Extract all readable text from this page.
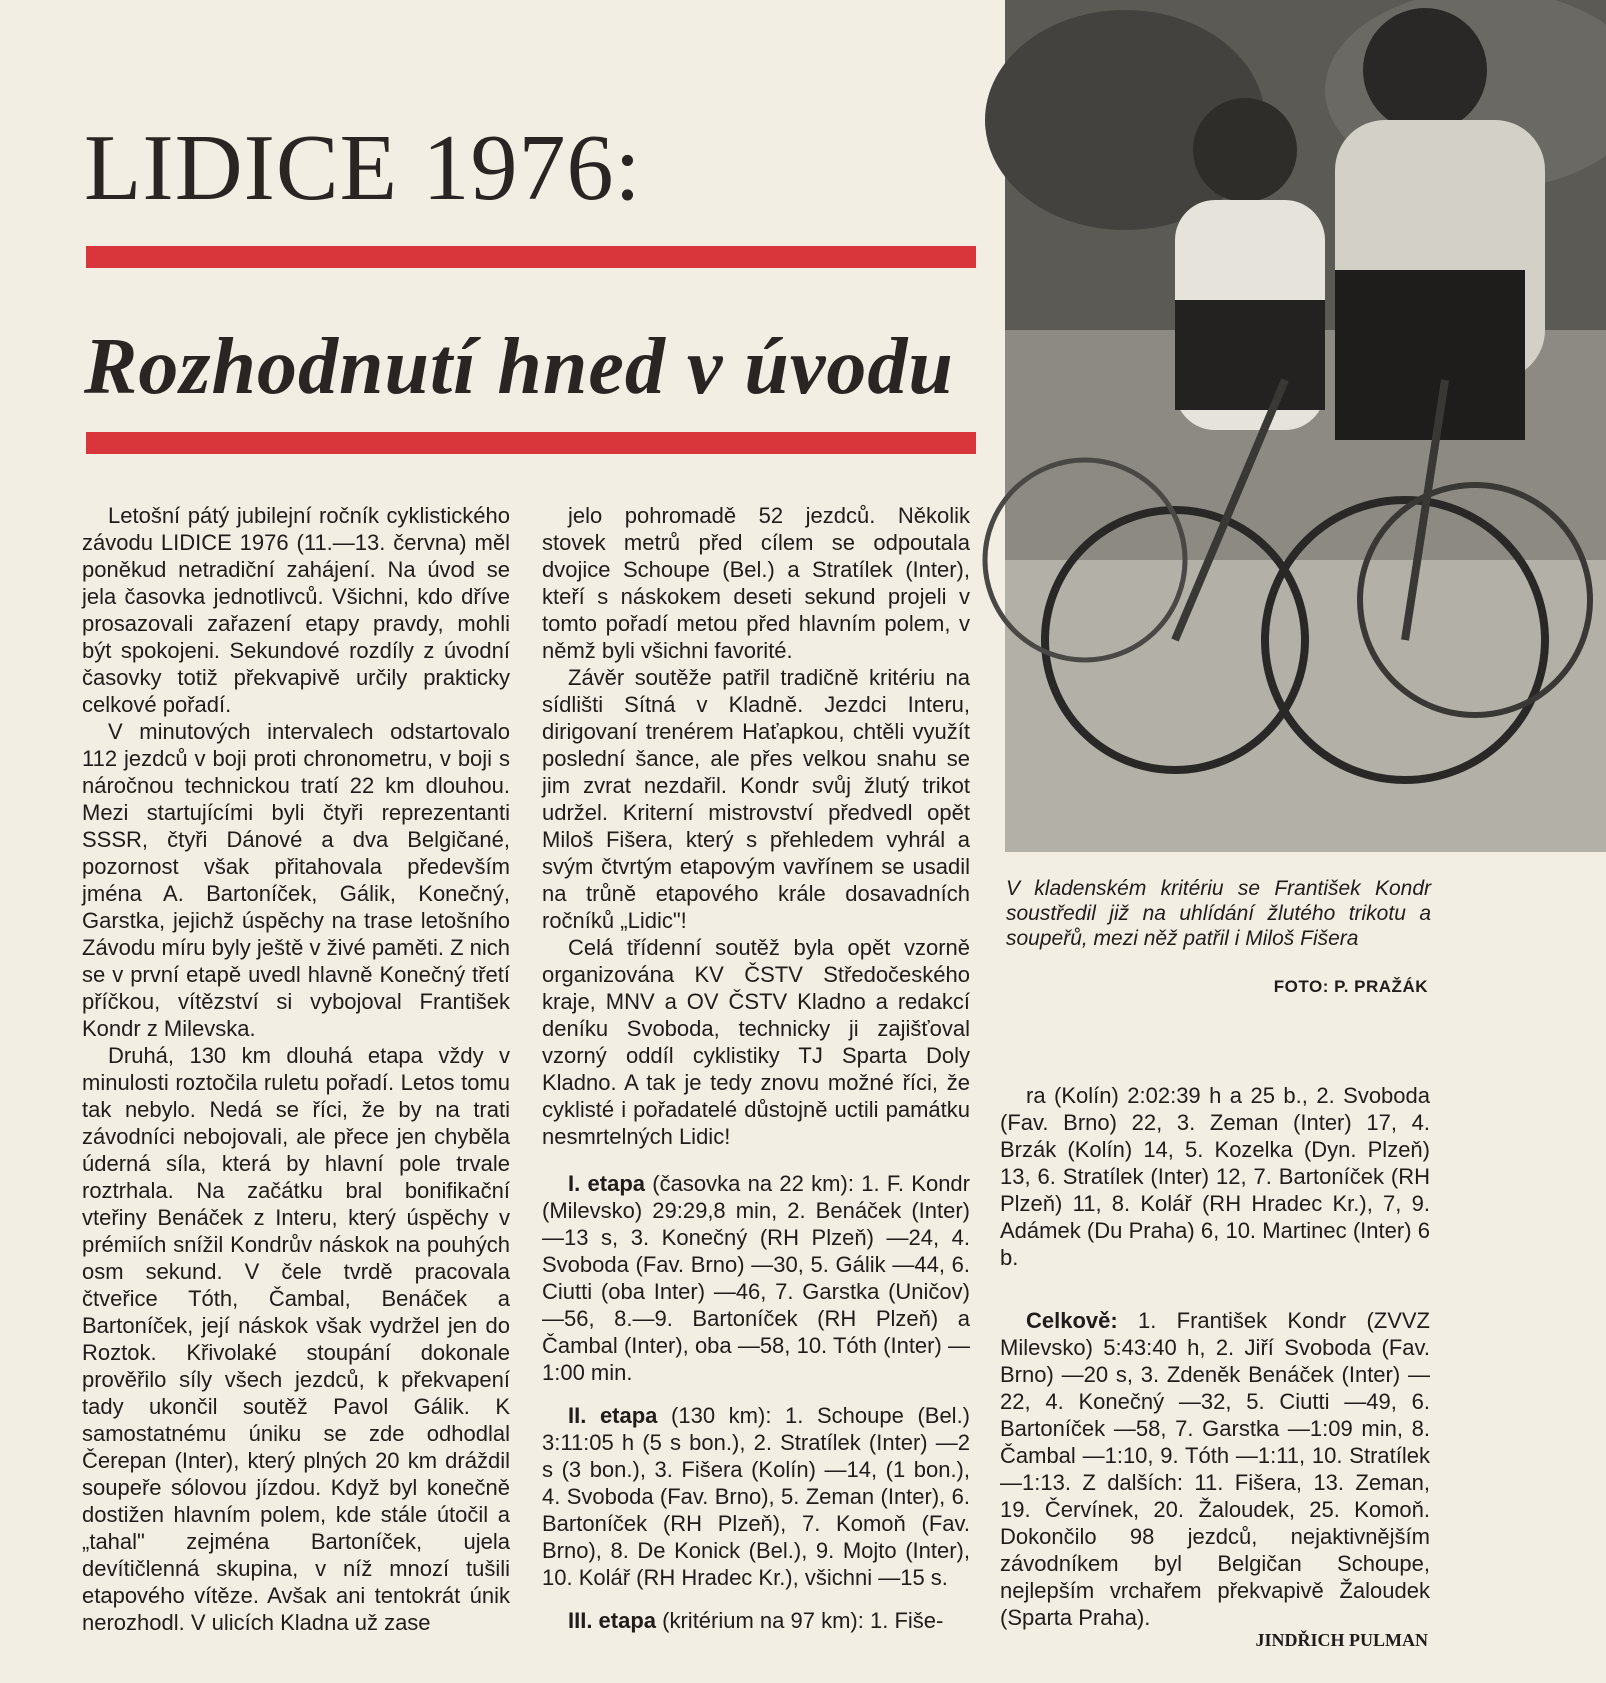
LIDICE 1976:
Rozhodnutí hned v úvodu

Letošní pátý jubilejní ročník cyklistického závodu LIDICE 1976 (11.—13. června) měl poněkud netradiční zahájení. Na úvod se jela časovka jednotlivců. Všichni, kdo dříve prosazovali zařazení etapy pravdy, mohli být spokojeni. Sekundové rozdíly z úvodní časovky totiž překvapivě určily prakticky celkové pořadí.

V minutových intervalech odstartovalo 112 jezdců v boji proti chronometru, v boji s náročnou technickou tratí 22 km dlouhou. Mezi startujícími byli čtyři reprezentanti SSSR, čtyři Dánové a dva Belgičané, pozornost však přitahovala především jména A. Bartoníček, Gálik, Konečný, Garstka, jejichž úspěchy na trase letošního Závodu míru byly ještě v živé paměti. Z nich se v první etapě uvedl hlavně Konečný třetí příčkou, vítězství si vybojoval František Kondr z Milevska.

Druhá, 130 km dlouhá etapa vždy v minulosti roztočila ruletu pořadí. Letos tomu tak nebylo. Nedá se říci, že by na trati závodníci nebojovali, ale přece jen chyběla úderná síla, která by hlavní pole trvale roztrhala. Na začátku bral bonifikační vteřiny Benáček z Interu, který úspěchy v prémiích snížil Kondrův náskok na pouhých osm sekund. V čele tvrdě pracovala čtveřice Tóth, Čambal, Benáček a Bartoníček, její náskok však vydržel jen do Roztok. Křivolaké stoupání dokonale prověřilo síly všech jezdců, k překvapení tady ukončil soutěž Pavol Gálik. K samostatnému úniku se zde odhodlal Čerepan (Inter), který plných 20 km dráždil soupeře sólovou jízdou. Když byl konečně dostižen hlavním polem, kde stále útočil a „tahal" zejména Bartoníček, ujela devítičlenná skupina, v níž mnozí tušili etapového vítěze. Avšak ani tentokrát únik nerozhodl. V ulicích Kladna už zase

jelo pohromadě 52 jezdců. Několik stovek metrů před cílem se odpoutala dvojice Schoupe (Bel.) a Stratílek (Inter), kteří s náskokem deseti sekund projeli v tomto pořadí metou před hlavním polem, v němž byli všichni favorité.

Závěr soutěže patřil tradičně kritériu na sídlišti Sítná v Kladně. Jezdci Interu, dirigovaní trenérem Haťapkou, chtěli využít poslední šance, ale přes velkou snahu se jim zvrat nezdařil. Kondr svůj žlutý trikot udržel. Kriterní mistrovství předvedl opět Miloš Fišera, který s přehledem vyhrál a svým čtvrtým etapovým vavřínem se usadil na trůně etapového krále dosavadních ročníků „Lidic"!

Celá třídenní soutěž byla opět vzorně organizována KV ČSTV Středočeského kraje, MNV a OV ČSTV Kladno a redakcí deníku Svoboda, technicky ji zajišťoval vzorný oddíl cyklistiky TJ Sparta Doly Kladno. A tak je tedy znovu možné říci, že cyklisté i pořadatelé důstojně uctili památku nesmrtelných Lidic!

I. etapa (časovka na 22 km): 1. F. Kondr (Milevsko) 29:29,8 min, 2. Benáček (Inter) —13 s, 3. Konečný (RH Plzeň) —24, 4. Svoboda (Fav. Brno) —30, 5. Gálik —44, 6. Ciutti (oba Inter) —46, 7. Garstka (Uničov) —56, 8.—9. Bartoníček (RH Plzeň) a Čambal (Inter), oba —58, 10. Tóth (Inter) —1:00 min.

II. etapa (130 km): 1. Schoupe (Bel.) 3:11:05 h (5 s bon.), 2. Stratílek (Inter) —2 s (3 bon.), 3. Fišera (Kolín) —14, (1 bon.), 4. Svoboda (Fav. Brno), 5. Zeman (Inter), 6. Bartoníček (RH Plzeň), 7. Komoň (Fav. Brno), 8. De Konick (Bel.), 9. Mojto (Inter), 10. Kolář (RH Hradec Kr.), všichni —15 s.

III. etapa (kritérium na 97 km): 1. Fiše-

V kladenském kritériu se František Kondr soustředil již na uhlídání žlutého trikotu a soupeřů, mezi něž patřil i Miloš Fišera
FOTO: P. PRAŽÁK

ra (Kolín) 2:02:39 h a 25 b., 2. Svoboda (Fav. Brno) 22, 3. Zeman (Inter) 17, 4. Brzák (Kolín) 14, 5. Kozelka (Dyn. Plzeň) 13, 6. Stratílek (Inter) 12, 7. Bartoníček (RH Plzeň) 11, 8. Kolář (RH Hradec Kr.), 7, 9. Adámek (Du Praha) 6, 10. Martinec (Inter) 6 b.

Celkově: 1. František Kondr (ZVVZ Milevsko) 5:43:40 h, 2. Jiří Svoboda (Fav. Brno) —20 s, 3. Zdeněk Benáček (Inter) —22, 4. Konečný —32, 5. Ciutti —49, 6. Bartoníček —58, 7. Garstka —1:09 min, 8. Čambal —1:10, 9. Tóth —1:11, 10. Stratílek —1:13. Z dalších: 11. Fišera, 13. Zeman, 19. Červínek, 20. Žaloudek, 25. Komoň. Dokončilo 98 jezdců, nejaktivnějším závodníkem byl Belgičan Schoupe, nejlepším vrchařem překvapivě Žaloudek (Sparta Praha).

JINDŘICH PULMAN
